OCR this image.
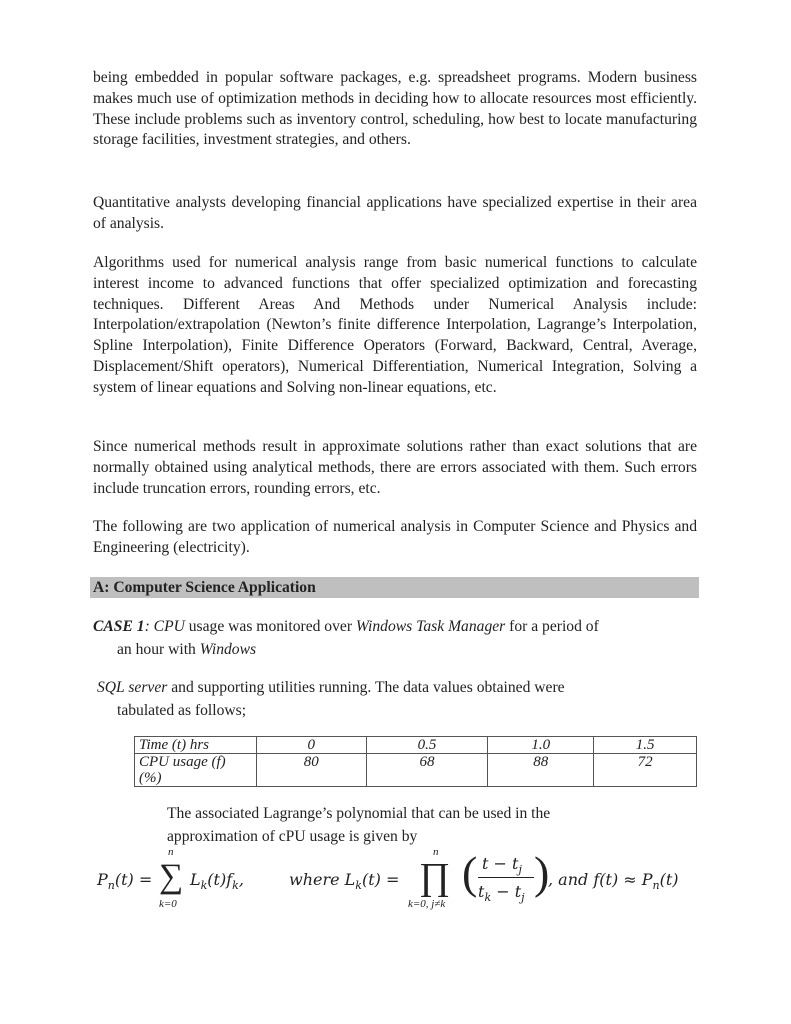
being embedded in popular software packages, e.g. spreadsheet programs. Modern business makes much use of optimization methods in deciding how to allocate resources most efficiently. These include problems such as inventory control, scheduling, how best to locate manufacturing storage facilities, investment strategies, and others.

Quantitative analysts developing financial applications have specialized expertise in their area of analysis.

Algorithms used for numerical analysis range from basic numerical functions to calculate interest income to advanced functions that offer specialized optimization and forecasting techniques. Different Areas And Methods under Numerical Analysis include: Interpolation/extrapolation (Newton’s finite difference Interpolation, Lagrange’s Interpolation, Spline Interpolation), Finite Difference Operators (Forward, Backward, Central, Average, Displacement/Shift operators), Numerical Differentiation, Numerical Integration, Solving a system of linear equations and Solving non-linear equations, etc.

Since numerical methods result in approximate solutions rather than exact solutions that are normally obtained using analytical methods, there are errors associated with them. Such errors include truncation errors, rounding errors, etc.

The following are two application of numerical analysis in Computer Science and Physics and Engineering (electricity).

A: Computer Science Application

CASE 1: CPU usage was monitored over Windows Task Manager for a period of

an hour with Windows

SQL server and supporting utilities running. The data values obtained were

tabulated as follows;

Time (t) hrs	0	0.5	1.0	1.5
CPU usage (f)
(%)	80	68	88	72

The associated Lagrange’s polynomial that can be used in the

approximation of cPU usage is given by

$P_n(t)$ =
n
∑
k=0
$L_k(t)f_k$,	where $L_k(t)$ =
n
∏
k=0, j≠k
( $t - t_j$
$t_k - t_j$ )
, and $f(t) \approx P_n(t)$
